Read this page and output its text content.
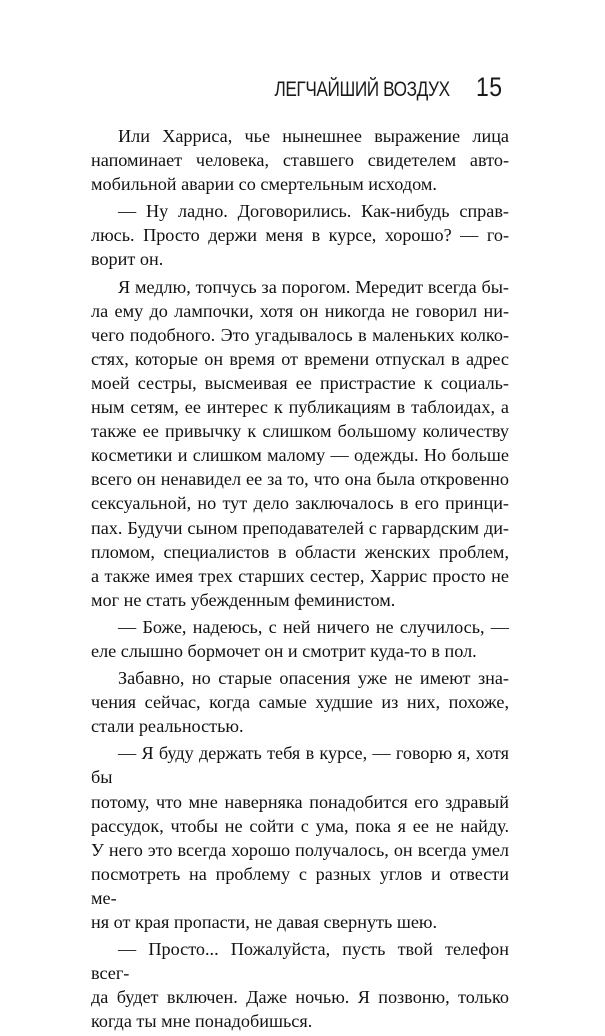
ЛЕГЧАЙШИЙ ВОЗДУХ 15
Или Харриса, чье нынешнее выражение лица
напоминает человека, ставшего свидетелем авто-
мобильной аварии со смертельным исходом.
— Ну ладно. Договорились. Как-нибудь справ-
люсь. Просто держи меня в курсе, хорошо? — го-
ворит он.
Я медлю, топчусь за порогом. Мередит всегда бы-
ла ему до лампочки, хотя он никогда не говорил ни-
чего подобного. Это угадывалось в маленьких колко-
стях, которые он время от времени отпускал в адрес
моей сестры, высмеивая ее пристрастие к социаль-
ным сетям, ее интерес к публикациям в таблоидах, а
также ее привычку к слишком большому количеству
косметики и слишком малому — одежды. Но больше
всего он ненавидел ее за то, что она была откровенно
сексуальной, но тут дело заключалось в его принци-
пах. Будучи сыном преподавателей с гарвардским ди-
пломом, специалистов в области женских проблем,
а также имея трех старших сестер, Харрис просто не
мог не стать убежденным феминистом.
— Боже, надеюсь, с ней ничего не случилось, —
еле слышно бормочет он и смотрит куда-то в пол.
Забавно, но старые опасения уже не имеют зна-
чения сейчас, когда самые худшие из них, похоже,
стали реальностью.
— Я буду держать тебя в курсе, — говорю я, хотя бы
потому, что мне наверняка понадобится его здравый
рассудок, чтобы не сойти с ума, пока я ее не найду.
У него это всегда хорошо получалось, он всегда умел
посмотреть на проблему с разных углов и отвести ме-
ня от края пропасти, не давая свернуть шею.
— Просто... Пожалуйста, пусть твой телефон всег-
да будет включен. Даже ночью. Я позвоню, только
когда ты мне понадобишься.
